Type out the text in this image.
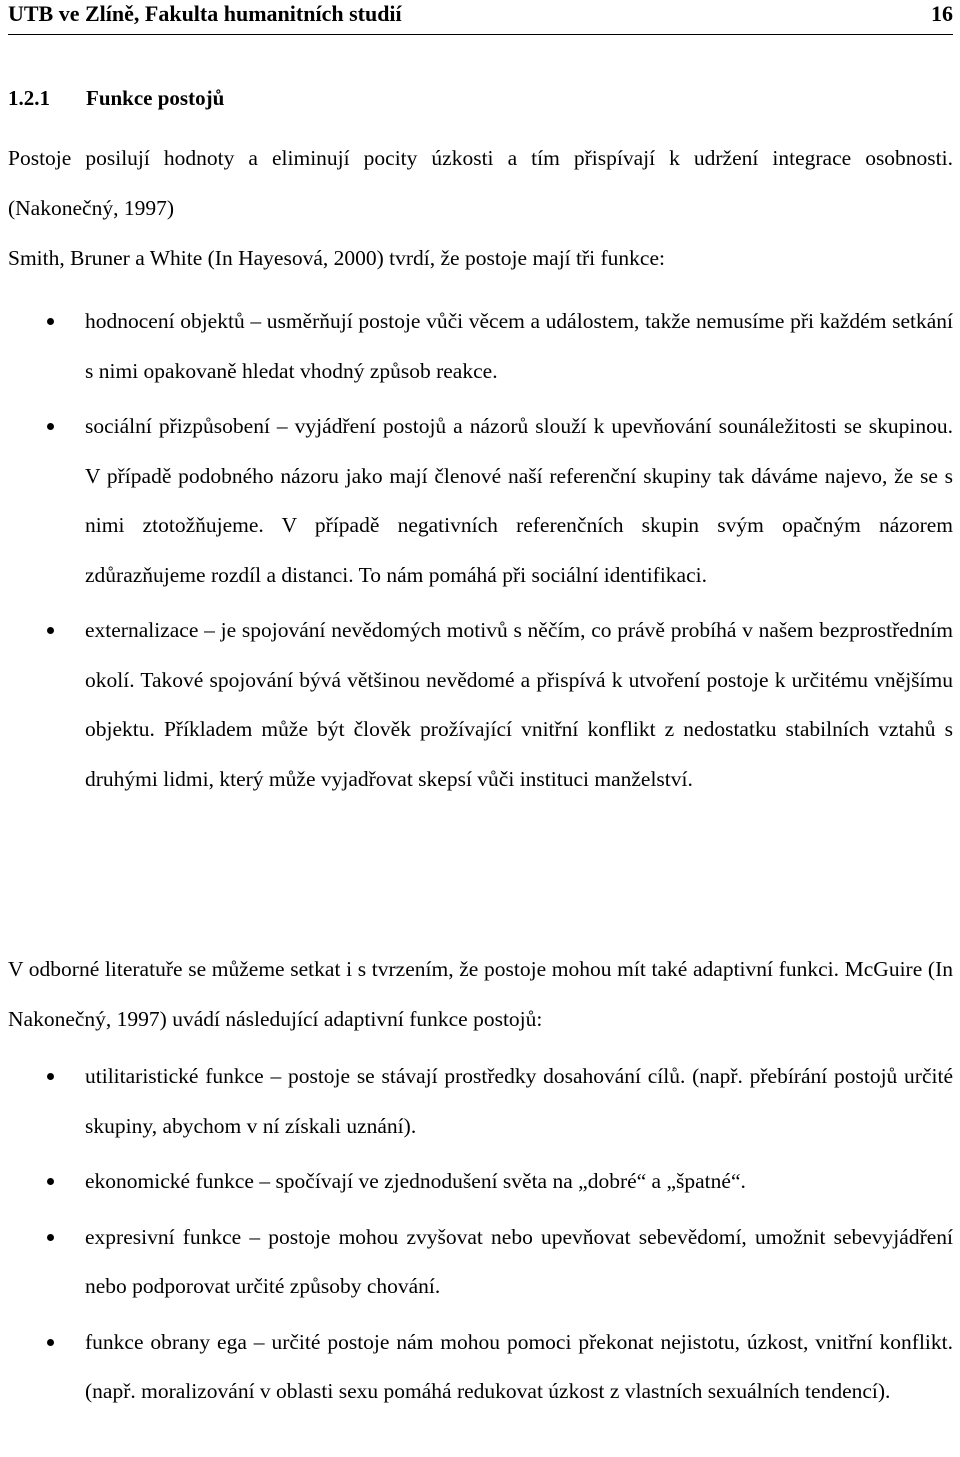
UTB ve Zlíně, Fakulta humanitních studií	16
1.2.1 Funkce postojů
Postoje posilují hodnoty a eliminují pocity úzkosti a tím přispívají k udržení integrace osobnosti. (Nakonečný, 1997)
Smith, Bruner a White (In Hayesová, 2000) tvrdí, že postoje mají tři funkce:
hodnocení objektů – usměrňují postoje vůči věcem a událostem, takže nemusíme při každém setkání s nimi opakovaně hledat vhodný způsob reakce.
sociální přizpůsobení – vyjádření postojů a názorů slouží k upevňování sounáležitosti se skupinou. V případě podobného názoru jako mají členové naší referenční skupiny tak dáváme najevo, že se s nimi ztotožňujeme. V případě negativních referenčních skupin svým opačným názorem zdůrazňujeme rozdíl a distanci. To nám pomáhá při sociální identifikaci.
externalizace – je spojování nevědomých motivů s něčím, co právě probíhá v našem bezprostředním okolí. Takové spojování bývá většinou nevědomé a přispívá k utvoření postoje k určitému vnějšímu objektu. Příkladem může být člověk prožívající vnitřní konflikt z nedostatku stabilních vztahů s druhými lidmi, který může vyjadřovat skepsí vůči instituci manželství.
V odborné literatuře se můžeme setkat i s tvrzením, že postoje mohou mít také adaptivní funkci. McGuire (In Nakonečný, 1997) uvádí následující adaptivní funkce postojů:
utilitaristické funkce – postoje se stávají prostředky dosahování cílů. (např. přebírání postojů určité skupiny, abychom v ní získali uznání).
ekonomické funkce – spočívají ve zjednodušení světa na „dobré“ a „špatné“.
expresivní funkce – postoje mohou zvyšovat nebo upevňovat sebevědomí, umožnit sebevyjádření nebo podporovat určité způsoby chování.
funkce obrany ega – určité postoje nám mohou pomoci překonat nejistotu, úzkost, vnitřní konflikt. (např. moralizování v oblasti sexu pomáhá redukovat úzkost z vlastních sexuálních tendencí).
